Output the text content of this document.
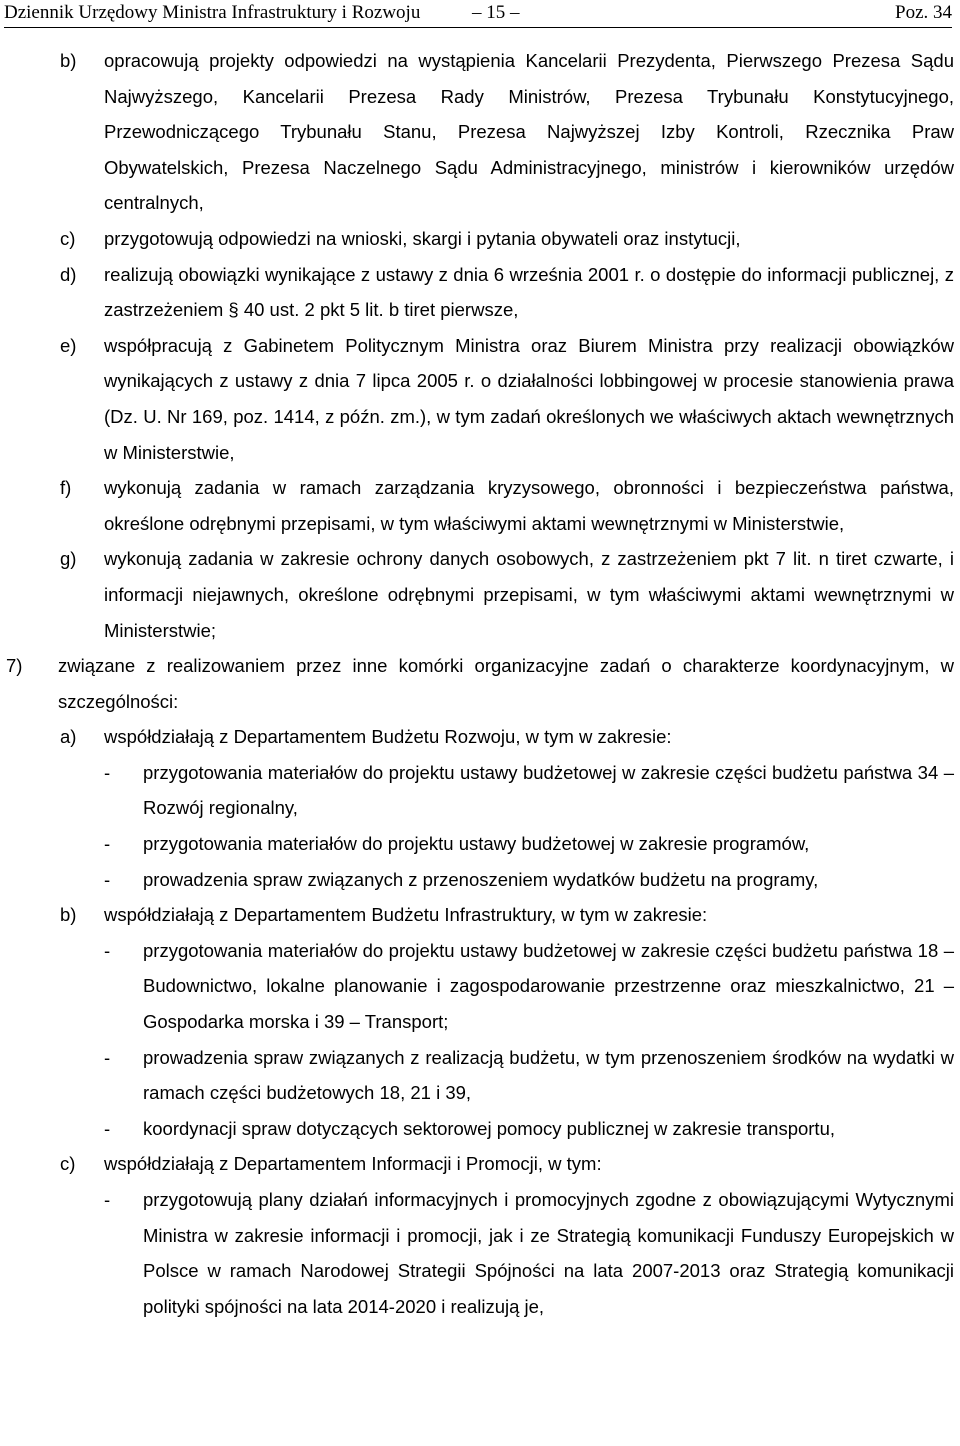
Dziennik Urzędowy Ministra Infrastruktury i Rozwoju	– 15 –	Poz. 34
b) opracowują projekty odpowiedzi na wystąpienia Kancelarii Prezydenta, Pierwszego Prezesa Sądu Najwyższego, Kancelarii Prezesa Rady Ministrów, Prezesa Trybunału Konstytucyjnego, Przewodniczącego Trybunału Stanu, Prezesa Najwyższej Izby Kontroli, Rzecznika Praw Obywatelskich, Prezesa Naczelnego Sądu Administracyjnego, ministrów i kierowników urzędów centralnych,
c) przygotowują odpowiedzi na wnioski, skargi i pytania obywateli oraz instytucji,
d) realizują obowiązki wynikające z ustawy z dnia 6 września 2001 r. o dostępie do informacji publicznej, z zastrzeżeniem § 40 ust. 2 pkt 5 lit. b tiret pierwsze,
e) współpracują z Gabinetem Politycznym Ministra oraz Biurem Ministra przy realizacji obowiązków wynikających z ustawy z dnia 7 lipca 2005 r. o działalności lobbingowej w procesie stanowienia prawa (Dz. U. Nr 169, poz. 1414, z późn. zm.), w tym zadań określonych we właściwych aktach wewnętrznych w Ministerstwie,
f) wykonują zadania w ramach zarządzania kryzysowego, obronności i bezpieczeństwa państwa, określone odrębnymi przepisami, w tym właściwymi aktami wewnętrznymi w Ministerstwie,
g) wykonują zadania w zakresie ochrony danych osobowych, z zastrzeżeniem pkt 7 lit. n tiret czwarte, i informacji niejawnych, określone odrębnymi przepisami, w tym właściwymi aktami wewnętrznymi w Ministerstwie;
7) związane z realizowaniem przez inne komórki organizacyjne zadań o charakterze koordynacyjnym, w szczególności:
a) współdziałają z Departamentem Budżetu Rozwoju, w tym w zakresie:
- przygotowania materiałów do projektu ustawy budżetowej w zakresie części budżetu państwa 34 – Rozwój regionalny,
- przygotowania materiałów do projektu ustawy budżetowej w zakresie programów,
- prowadzenia spraw związanych z przenoszeniem wydatków budżetu na programy,
b) współdziałają z Departamentem Budżetu Infrastruktury, w tym w zakresie:
- przygotowania materiałów do projektu ustawy budżetowej w zakresie części budżetu państwa 18 – Budownictwo, lokalne planowanie i zagospodarowanie przestrzenne oraz mieszkalnictwo, 21 – Gospodarka morska i 39 – Transport;
- prowadzenia spraw związanych z realizacją budżetu, w tym przenoszeniem środków na wydatki w ramach części budżetowych 18, 21 i 39,
- koordynacji spraw dotyczących sektorowej pomocy publicznej w zakresie transportu,
c) współdziałają z Departamentem Informacji i Promocji, w tym:
- przygotowują plany działań informacyjnych i promocyjnych zgodne z obowiązującymi Wytycznymi Ministra w zakresie informacji i promocji, jak i ze Strategią komunikacji Funduszy Europejskich w Polsce w ramach Narodowej Strategii Spójności na lata 2007-2013 oraz Strategią komunikacji polityki spójności na lata 2014-2020 i realizują je,
